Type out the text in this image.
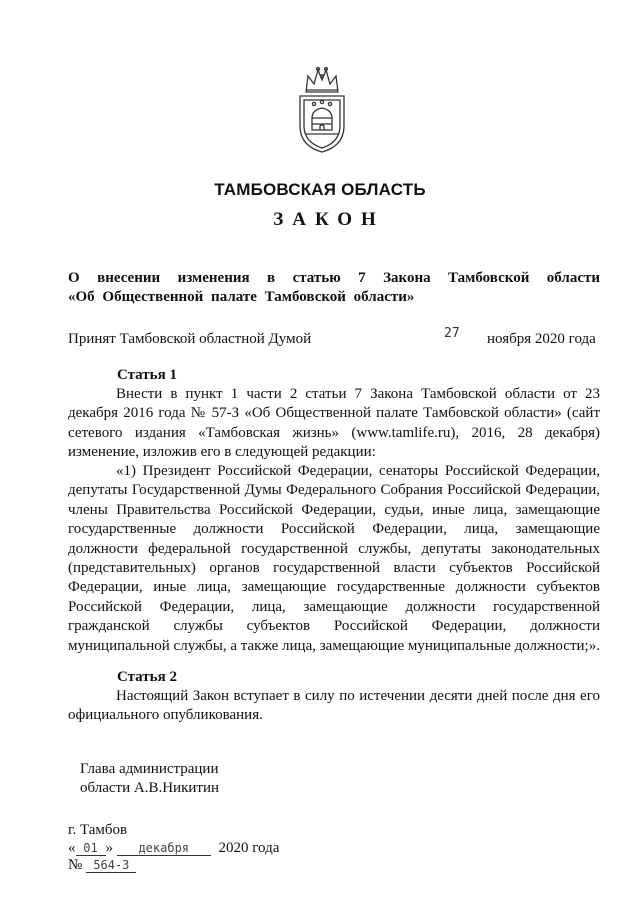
ТАМБОВСКАЯ ОБЛАСТЬ
ЗАКОН
О внесении изменения в статью 7 Закона Тамбовской области
«Об Общественной палате Тамбовской области»
Принят Тамбовской областной Думой	27 ноября 2020 года
Статья 1
Внести в пункт 1 части 2 статьи 7 Закона Тамбовской области от 23 декабря 2016 года № 57-З «Об Общественной палате Тамбовской области» (сайт сетевого издания «Тамбовская жизнь» (www.tamlife.ru), 2016, 28 декабря) изменение, изложив его в следующей редакции:
«1) Президент Российской Федерации, сенаторы Российской Федерации, депутаты Государственной Думы Федерального Собрания Российской Федерации, члены Правительства Российской Федерации, судьи, иные лица, замещающие государственные должности Российской Федерации, лица, замещающие должности федеральной государственной службы, депутаты законодательных (представительных) органов государственной власти субъектов Российской Федерации, иные лица, замещающие государственные должности субъектов Российской Федерации, лица, замещающие должности государственной гражданской службы субъектов Российской Федерации, должности муниципальной службы, а также лица, замещающие муниципальные должности;».
Статья 2
Настоящий Закон вступает в силу по истечении десяти дней после дня его официального опубликования.
Глава администрации
области А.В.Никитин
г. Тамбов
« 01 » декабря 2020 года
№ 564-З
